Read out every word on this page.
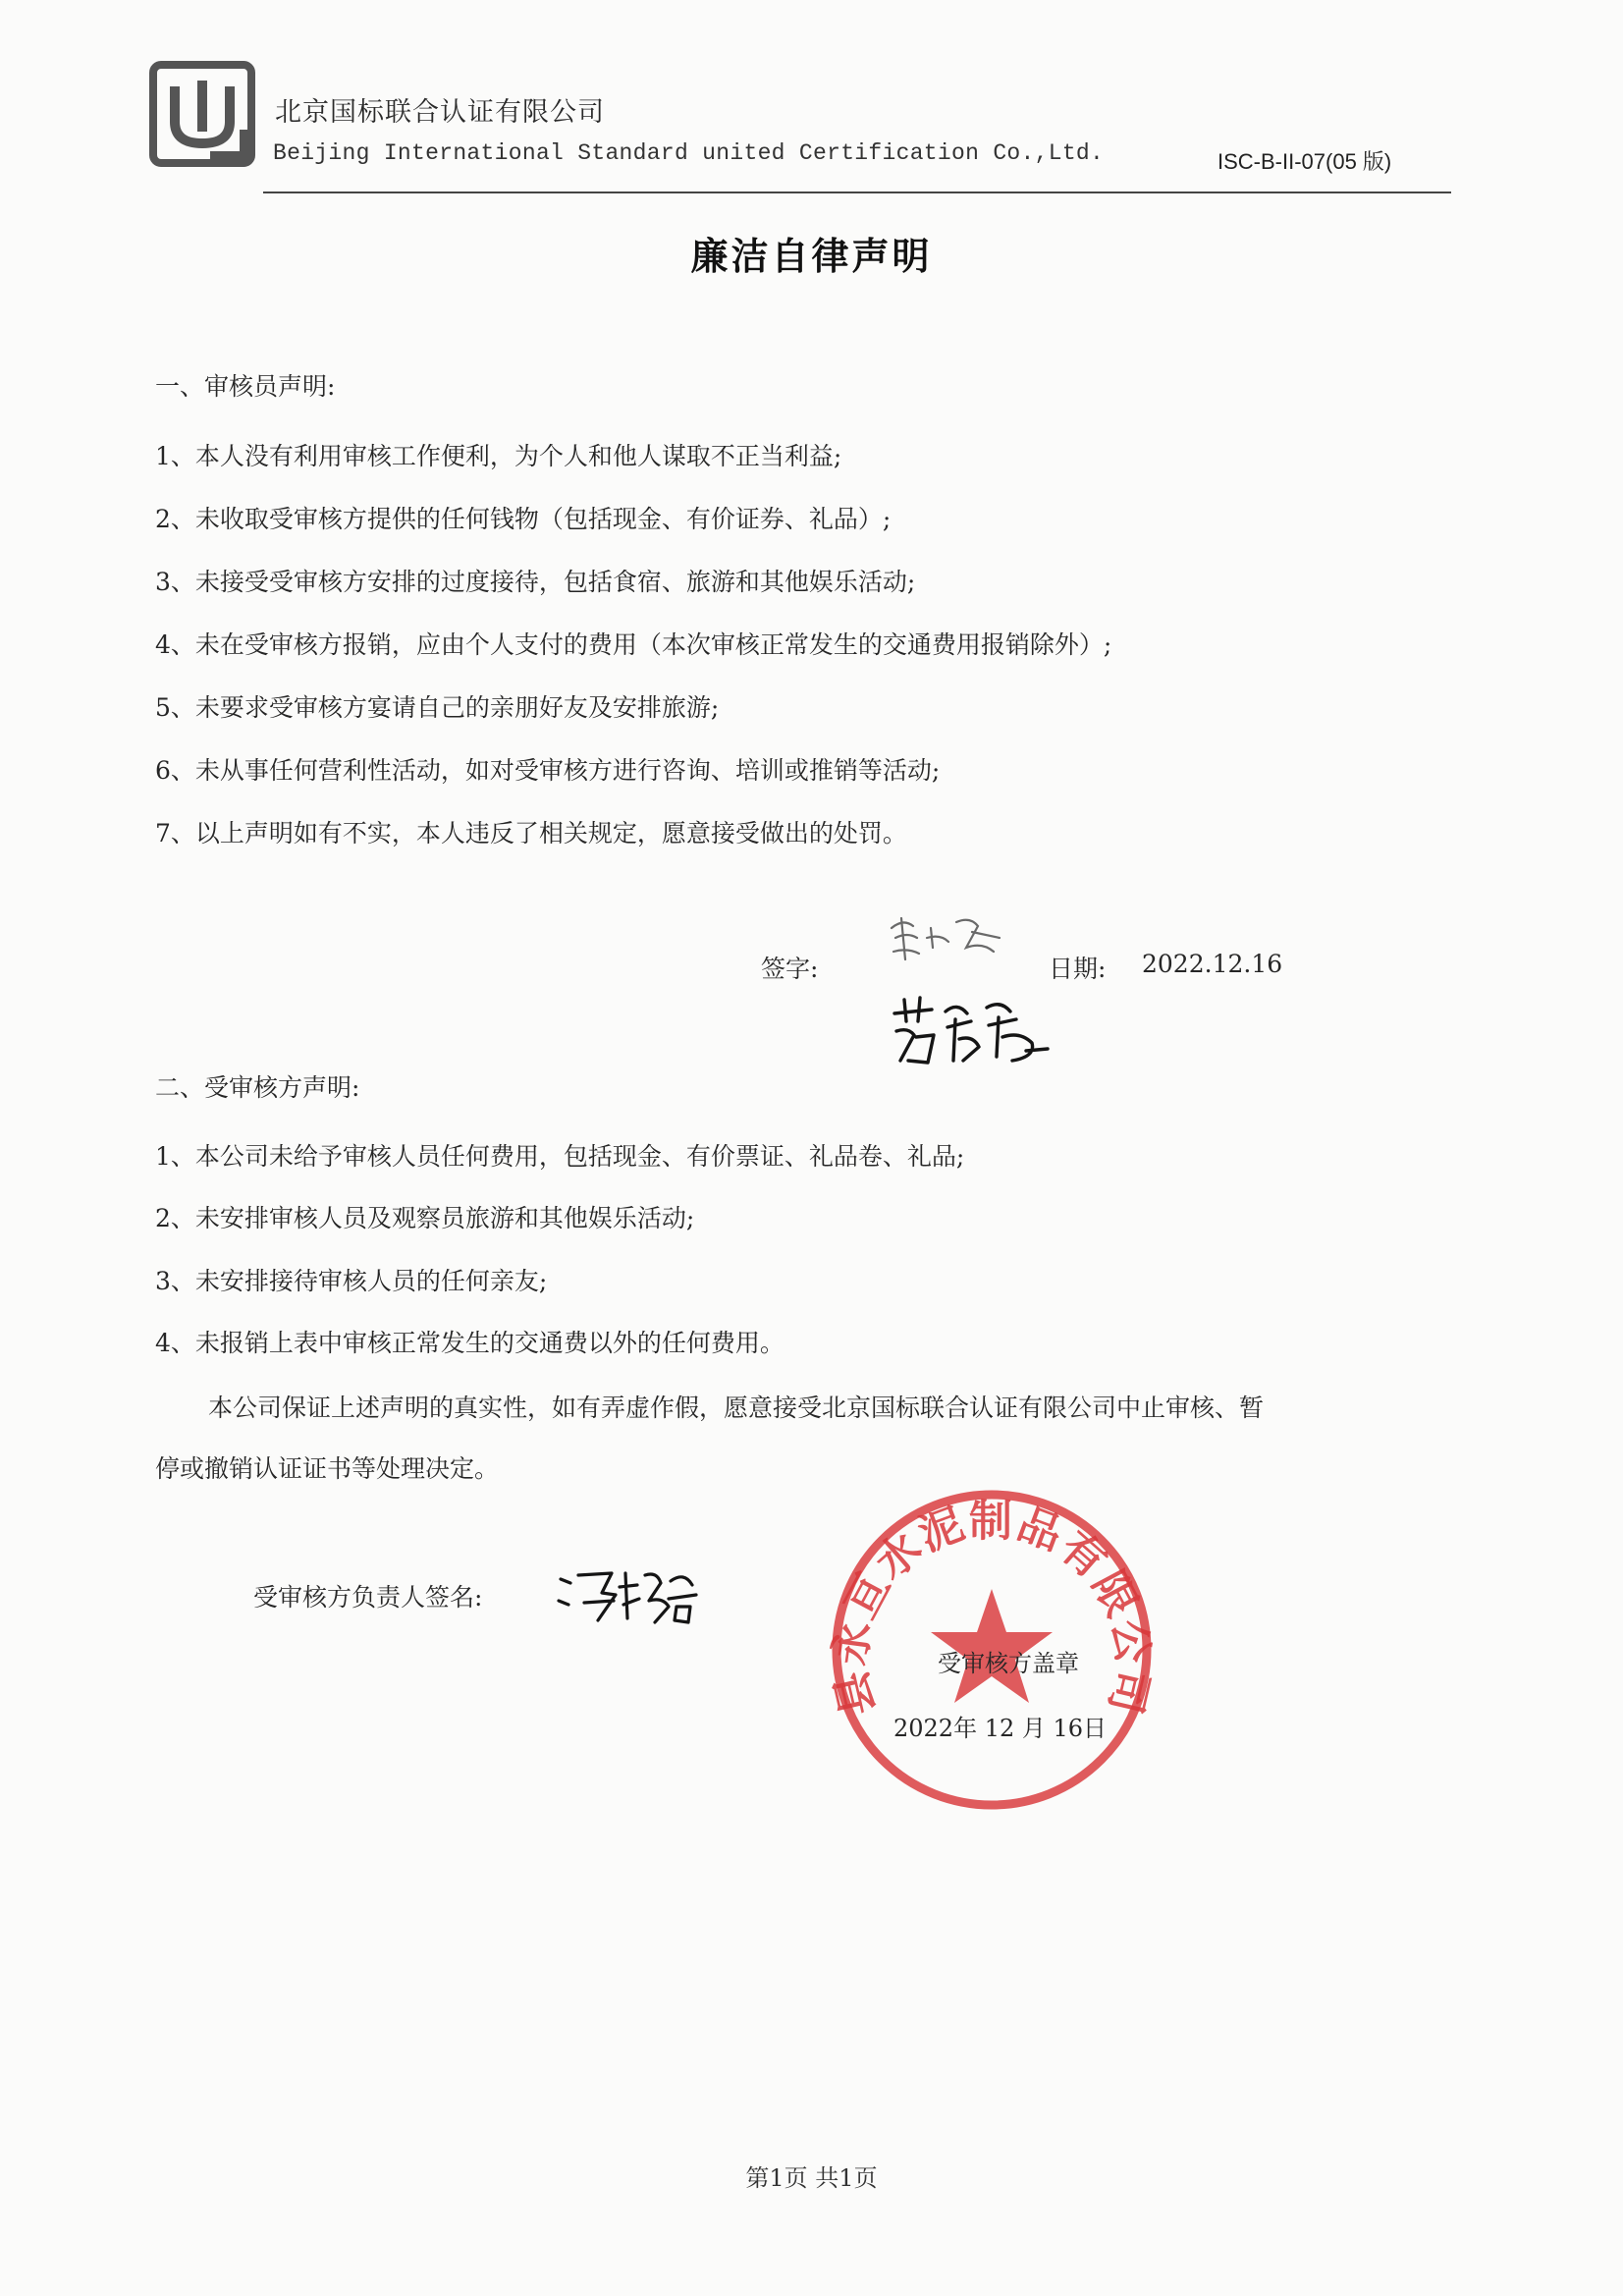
北京国标联合认证有限公司
Beijing International Standard united Certification Co.,Ltd.	ISC-B-II-07(05 版)
廉洁自律声明
一、审核员声明:
1、本人没有利用审核工作便利，为个人和他人谋取不正当利益;
2、未收取受审核方提供的任何钱物（包括现金、有价证券、礼品）;
3、未接受受审核方安排的过度接待，包括食宿、旅游和其他娱乐活动;
4、未在受审核方报销，应由个人支付的费用（本次审核正常发生的交通费用报销除外）;
5、未要求受审核方宴请自己的亲朋好友及安排旅游;
6、未从事任何营利性活动，如对受审核方进行咨询、培训或推销等活动;
7、以上声明如有不实，本人违反了相关规定，愿意接受做出的处罚。
签字:	日期: 2022.12.16
二、受审核方声明:
1、本公司未给予审核人员任何费用，包括现金、有价票证、礼品卷、礼品;
2、未安排审核人员及观察员旅游和其他娱乐活动;
3、未安排接待审核人员的任何亲友;
4、未报销上表中审核正常发生的交通费以外的任何费用。
本公司保证上述声明的真实性，如有弄虚作假，愿意接受北京国标联合认证有限公司中止审核、暂
停或撤销认证证书等处理决定。
受审核方负责人签名:
县永亘水泥制品有限公司
受审核方盖章
2022年 12 月 16日
第1页 共1页
